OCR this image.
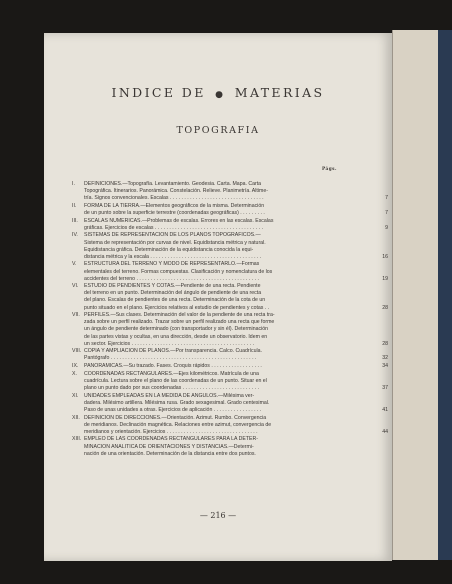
INDICE DE ● MATERIAS
TOPOGRAFIA
Págs.
I. DEFINICIONES.—Topografía. Levantamiento. Geodesia. Carta. Mapa. Carta
Topográfica. Itinerarios. Panorámica. Constelación. Relieve. Planimetría. Altime-
tría. Signos convencionales. Escalas . . . . . . . . . . . . . . . . . . . . . . . . . . . . . . . . .	7
II. FORMA DE LA TIERRA.—Elementos geográficos de la misma. Determinación
de un punto sobre la superficie terrestre (coordenadas geográficas) . . . . . . . . .	7
III. ESCALAS NUMERICAS.—Problemas de escalas. Errores en las escalas. Escalas
gráficas. Ejercicios de escalas . . . . . . . . . . . . . . . . . . . . . . . . . . . . . . . . . . . . . .	9
IV. SISTEMAS DE REPRESENTACION DE LOS PLANOS TOPOGRAFICOS.—
Sistema de representación por curvas de nivel. Equidistancia métrica y natural.
Equidistancia gráfica. Determinación de la equidistancia conocida la equi-
distancia métrica y la escala . . . . . . . . . . . . . . . . . . . . . . . . . . . . . . . . . . . . . . .	16
V. ESTRUCTURA DEL TERRENO Y MODO DE REPRESENTARLO.—Formas
elementales del terreno. Formas compuestas. Clasificación y nomenclatura de los
accidentes del terreno . . . . . . . . . . . . . . . . . . . . . . . . . . . . . . . . . . . . . . . . . . .	19
VI. ESTUDIO DE PENDIENTES Y COTAS.—Pendiente de una recta. Pendiente
del terreno en un punto. Determinación del ángulo de pendiente de una recta
del plano. Escalas de pendientes de una recta. Determinación de la cota de un
punto situado en el plano. Ejercicios relativos al estudio de pendientes y cotas . .	28
VII. PERFILES.—Sus clases. Determinación del valor de la pendiente de una recta tra-
zada sobre un perfil realizado. Trazar sobre un perfil realizado una recta que forme
un ángulo de pendiente determinado (con transportador y sin él). Determinación
de las partes vistas y ocultas, en una dirección, desde un observatorio. Idem en
un sector. Ejercicios . . . . . . . . . . . . . . . . . . . . . . . . . . . . . . . . . . . . . . . . . . .	28
VIII. COPIA Y AMPLIACION DE PLANOS.—Por transparencia. Calco. Cuadrícula.
Pantógrafo . . . . . . . . . . . . . . . . . . . . . . . . . . . . . . . . . . . . . . . . . . . . . . . . . . .	32
IX. PANORAMICAS.—Su trazado. Fases. Croquis rápidos . . . . . . . . . . . . . . . . . .	34
X. COORDENADAS RECTANGULARES.—Ejes kilométricos. Matrícula de una
cuadrícula. Lectura sobre el plano de las coordenadas de un punto. Situar en el
plano un punto dado por sus coordenadas . . . . . . . . . . . . . . . . . . . . . . . . . . .	37
XI. UNIDADES EMPLEADAS EN LA MEDIDA DE ANGULOS.—Milésima ver-
dadera. Milésimo artillera. Milésima rusa. Grado sexagesimal. Grado centesimal.
Paso de unas unidades a otras. Ejercicios de aplicación . . . . . . . . . . . . . . . . .	41
XII. DEFINICION DE DIRECCIONES.—Orientación. Azimut. Rumbo. Convergencia
de meridianos. Declinación magnética. Relaciones entre azimut, convergencia de
meridianos y orientación. Ejercicios . . . . . . . . . . . . . . . . . . . . . . . . . . . . . . . .	44
XIII. EMPLEO DE LAS COORDENADAS RECTANGULARES PARA LA DETER-
MINACION ANALITICA DE ORIENTACIONES Y DISTANCIAS.—Determi-
nación de una orientación. Determinación de la distancia entre dos puntos.
— 216 —
